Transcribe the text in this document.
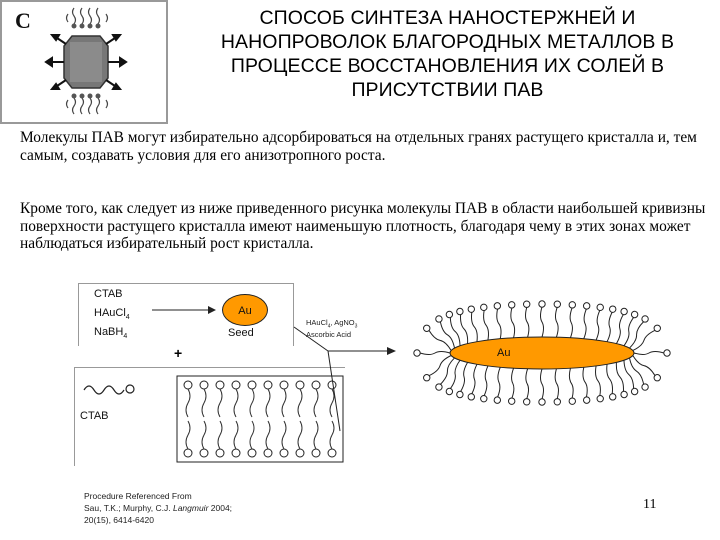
C	СПОСОБ СИНТЕЗА НАНОСТЕРЖНЕЙ И НАНОПРОВОЛОК БЛАГОРОДНЫХ МЕТАЛЛОВ В ПРОЦЕССЕ ВОССТАНОВЛЕНИЯ ИХ СОЛЕЙ В ПРИСУТСТВИИ ПАВ
Молекулы ПАВ могут избирательно адсорбироваться на отдельных гранях растущего кристалла и, тем самым, создавать условия для его анизотропного роста.
Кроме того, как следует из ниже приведенного рисунка молекулы ПАВ в области наибольшей кривизны поверхности растущего кристалла имеют наименьшую плотность, благодаря чему в этих зонах может наблюдаться избирательный рост кристалла.
CTAB
HAuCl$_4$
NaBH$_4$
Au
Seed
+
CTAB
HAuCl$_4$, AgNO$_3$
Ascorbic Acid
Au
Procedure Referenced From
Sau, T.K.; Murphy, C.J. Langmuir 2004;
20(15), 6414-6420
11
